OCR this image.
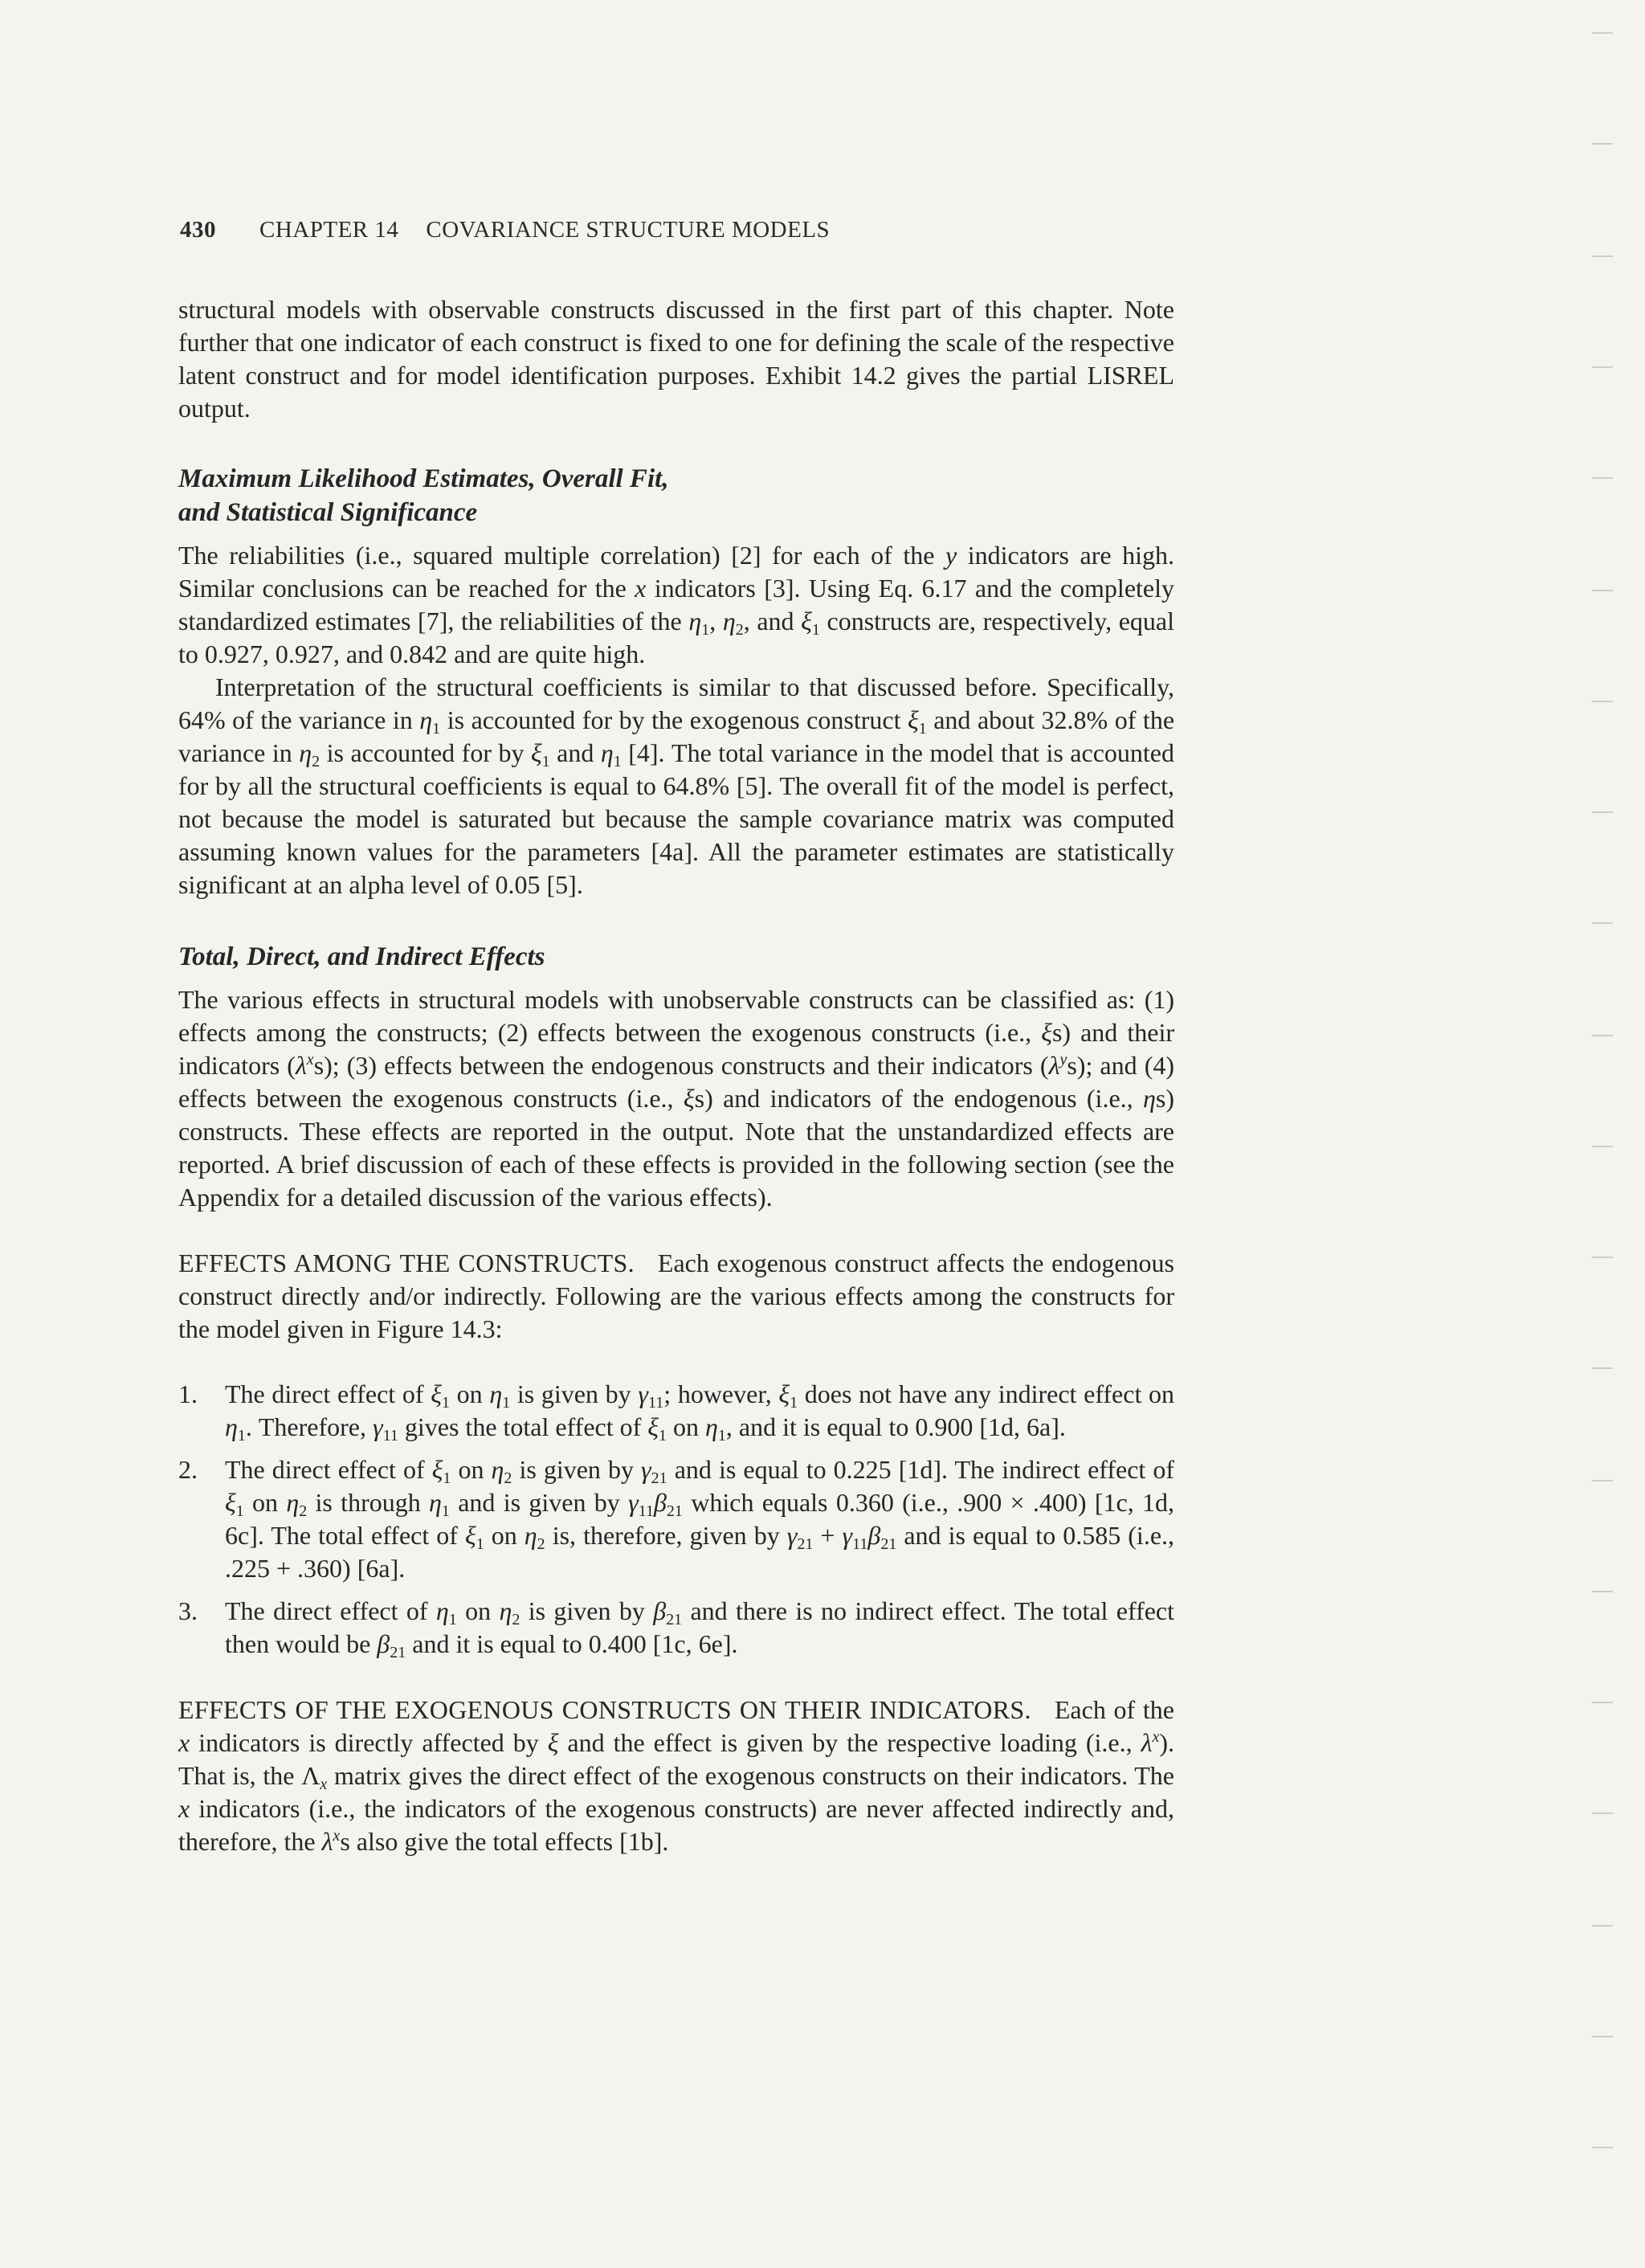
430 CHAPTER 14 COVARIANCE STRUCTURE MODELS

structural models with observable constructs discussed in the first part of this chapter. Note further that one indicator of each construct is fixed to one for defining the scale of the respective latent construct and for model identification purposes. Exhibit 14.2 gives the partial LISREL output.

Maximum Likelihood Estimates, Overall Fit,
and Statistical Significance

The reliabilities (i.e., squared multiple correlation) [2] for each of the y indicators are high. Similar conclusions can be reached for the x indicators [3]. Using Eq. 6.17 and the completely standardized estimates [7], the reliabilities of the $\eta_1$, $\eta_2$, and $\xi_1$ constructs are, respectively, equal to 0.927, 0.927, and 0.842 and are quite high.

Interpretation of the structural coefficients is similar to that discussed before. Specifically, 64% of the variance in $\eta_1$ is accounted for by the exogenous construct $\xi_1$ and about 32.8% of the variance in $\eta_2$ is accounted for by $\xi_1$ and $\eta_1$ [4]. The total variance in the model that is accounted for by all the structural coefficients is equal to 64.8% [5]. The overall fit of the model is perfect, not because the model is saturated but because the sample covariance matrix was computed assuming known values for the parameters [4a]. All the parameter estimates are statistically significant at an alpha level of 0.05 [5].

Total, Direct, and Indirect Effects

The various effects in structural models with unobservable constructs can be classified as: (1) effects among the constructs; (2) effects between the exogenous constructs (i.e., ξs) and their indicators $(\lambda^xs)$; (3) effects between the endogenous constructs and their indicators $(\lambda^ys)$; and (4) effects between the exogenous constructs (i.e., ξs) and indicators of the endogenous (i.e., ηs) constructs. These effects are reported in the output. Note that the unstandardized effects are reported. A brief discussion of each of these effects is provided in the following section (see the Appendix for a detailed discussion of the various effects).

EFFECTS AMONG THE CONSTRUCTS. Each exogenous construct affects the endogenous construct directly and/or indirectly. Following are the various effects among the constructs for the model given in Figure 14.3:

1. The direct effect of $\xi_1$ on $\eta_1$ is given by $\gamma_{11}$; however, $\xi_1$ does not have any indirect effect on $\eta_1$. Therefore, $\gamma_{11}$ gives the total effect of $\xi_1$ on $\eta_1$, and it is equal to 0.900 [1d, 6a].
2. The direct effect of $\xi_1$ on $\eta_2$ is given by $\gamma_{21}$ and is equal to 0.225 [1d]. The indirect effect of $\xi_1$ on $\eta_2$ is through $\eta_1$ and is given by $\gamma_{11}\beta_{21}$ which equals 0.360 (i.e., .900 × .400) [1c, 1d, 6c]. The total effect of $\xi_1$ on $\eta_2$ is, therefore, given by $\gamma_{21} + \gamma_{11}\beta_{21}$ and is equal to 0.585 (i.e., .225 + .360) [6a].
3. The direct effect of $\eta_1$ on $\eta_2$ is given by $\beta_{21}$ and there is no indirect effect. The total effect then would be $\beta_{21}$ and it is equal to 0.400 [1c, 6e].

EFFECTS OF THE EXOGENOUS CONSTRUCTS ON THEIR INDICATORS. Each of the x indicators is directly affected by ξ and the effect is given by the respective loading (i.e., $\lambda^x$). That is, the $\Lambda_x$ matrix gives the direct effect of the exogenous constructs on their indicators. The x indicators (i.e., the indicators of the exogenous constructs) are never affected indirectly and, therefore, the $\lambda^xs$ also give the total effects [1b].
